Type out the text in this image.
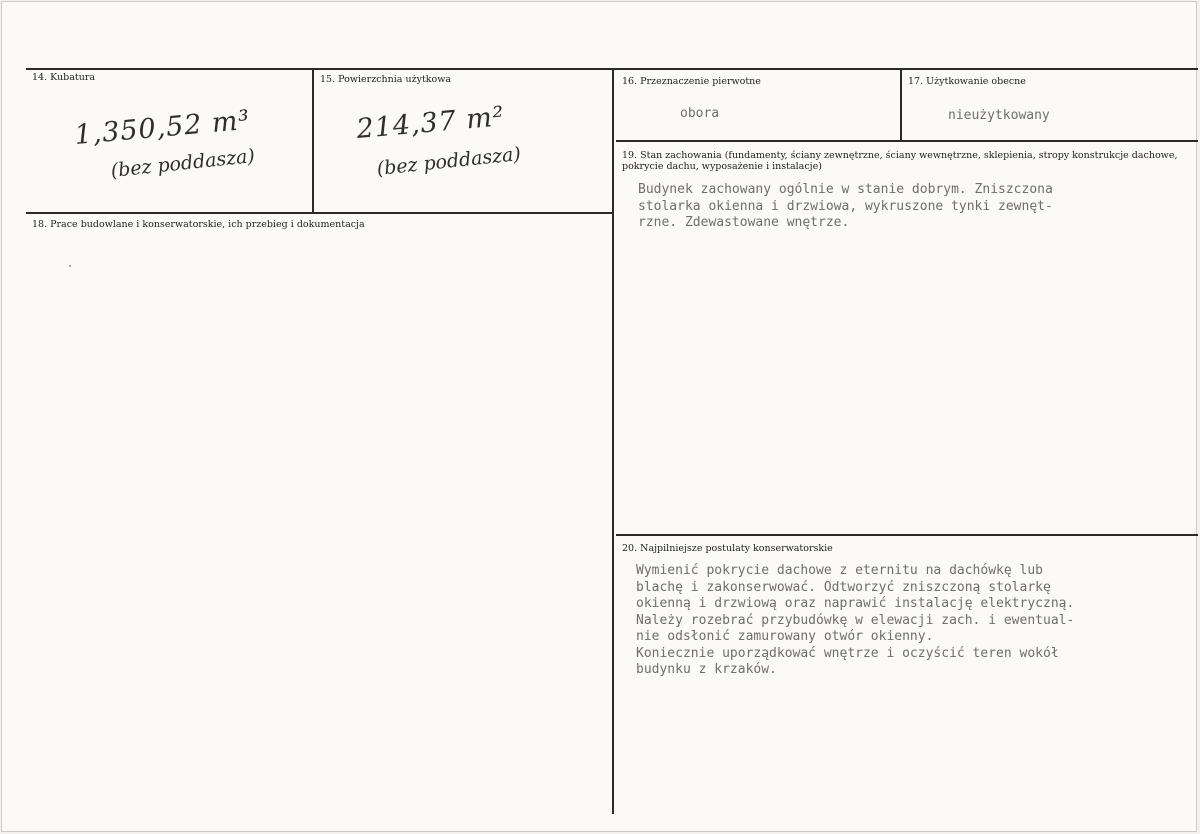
14. Kubatura
1,350,52 m³
(bez poddasza)
15. Powierzchnia użytkowa
214,37 m²
(bez poddasza)
16. Przeznaczenie pierwotne
obora
17. Użytkowanie obecne
nieużytkowany
18. Prace budowlane i konserwatorskie, ich przebieg i dokumentacja
19. Stan zachowania (fundamenty, ściany zewnętrzne, ściany wewnętrzne, sklepienia, stropy konstrukcje dachowe, pokrycie dachu, wyposażenie i instalacje)
Budynek zachowany ogólnie w stanie dobrym. Zniszczona
stolarka okienna i drzwiowa, wykruszone tynki zewnęt-
rzne. Zdewastowane wnętrze.
20. Najpilniejsze postulaty konserwatorskie
Wymienić pokrycie dachowe z eternitu na dachówkę lub
blachę i zakonserwować. Odtworzyć zniszczoną stolarkę
okienną i drzwiową oraz naprawić instalację elektryczną.
Należy rozebrać przybudówkę w elewacji zach. i ewentual-
nie odsłonić zamurowany otwór okienny.
Koniecznie uporządkować wnętrze i oczyścić teren wokół
budynku z krzaków.
